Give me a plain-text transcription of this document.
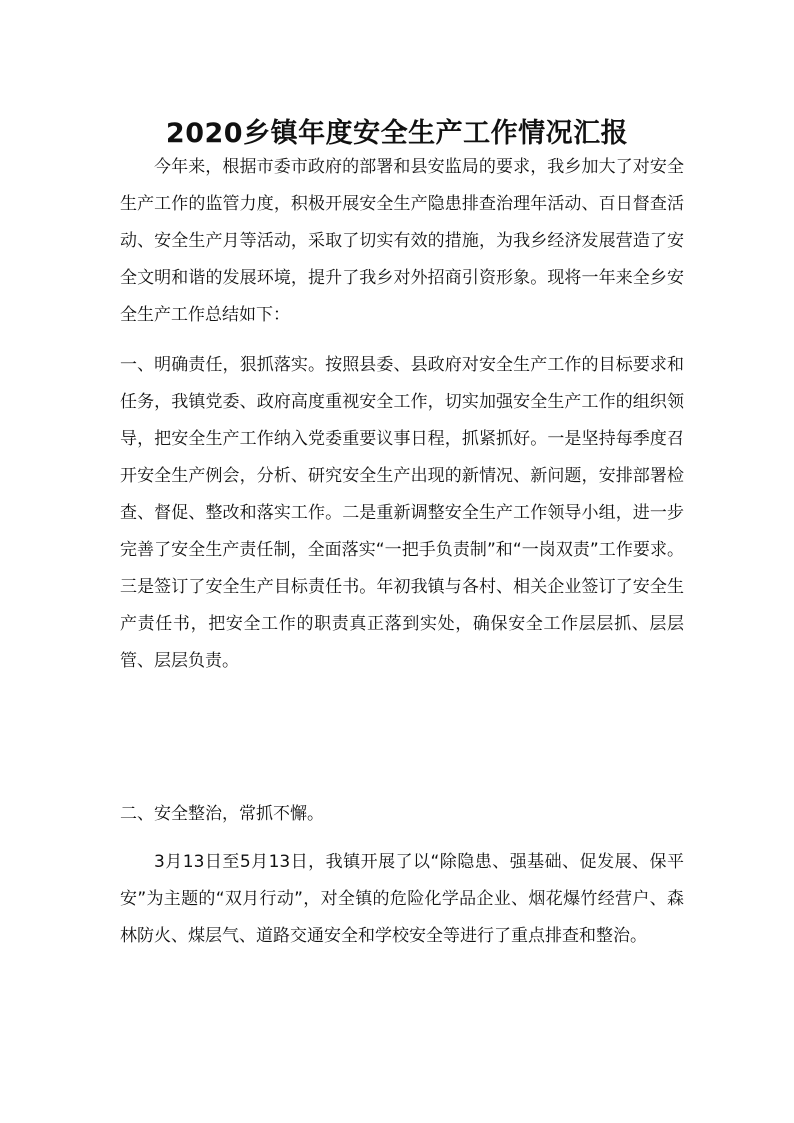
2020乡镇年度安全生产工作情况汇报

今年来，根据市委市政府的部署和县安监局的要求，我乡加大了对安全生产工作的监管力度，积极开展安全生产隐患排查治理年活动、百日督查活动、安全生产月等活动，采取了切实有效的措施，为我乡经济发展营造了安全文明和谐的发展环境，提升了我乡对外招商引资形象。现将一年来全乡安全生产工作总结如下：

一、明确责任，狠抓落实。按照县委、县政府对安全生产工作的目标要求和任务，我镇党委、政府高度重视安全工作，切实加强安全生产工作的组织领导，把安全生产工作纳入党委重要议事日程，抓紧抓好。一是坚持每季度召开安全生产例会，分析、研究安全生产出现的新情况、新问题，安排部署检查、督促、整改和落实工作。二是重新调整安全生产工作领导小组，进一步完善了安全生产责任制，全面落实“一把手负责制”和“一岗双责”工作要求。三是签订了安全生产目标责任书。年初我镇与各村、相关企业签订了安全生产责任书，把安全工作的职责真正落到实处，确保安全工作层层抓、层层管、层层负责。

二、安全整治，常抓不懈。

3月13日至5月13日，我镇开展了以“除隐患、强基础、促发展、保平安”为主题的“双月行动”，对全镇的危险化学品企业、烟花爆竹经营户、森林防火、煤层气、道路交通安全和学校安全等进行了重点排查和整治。
